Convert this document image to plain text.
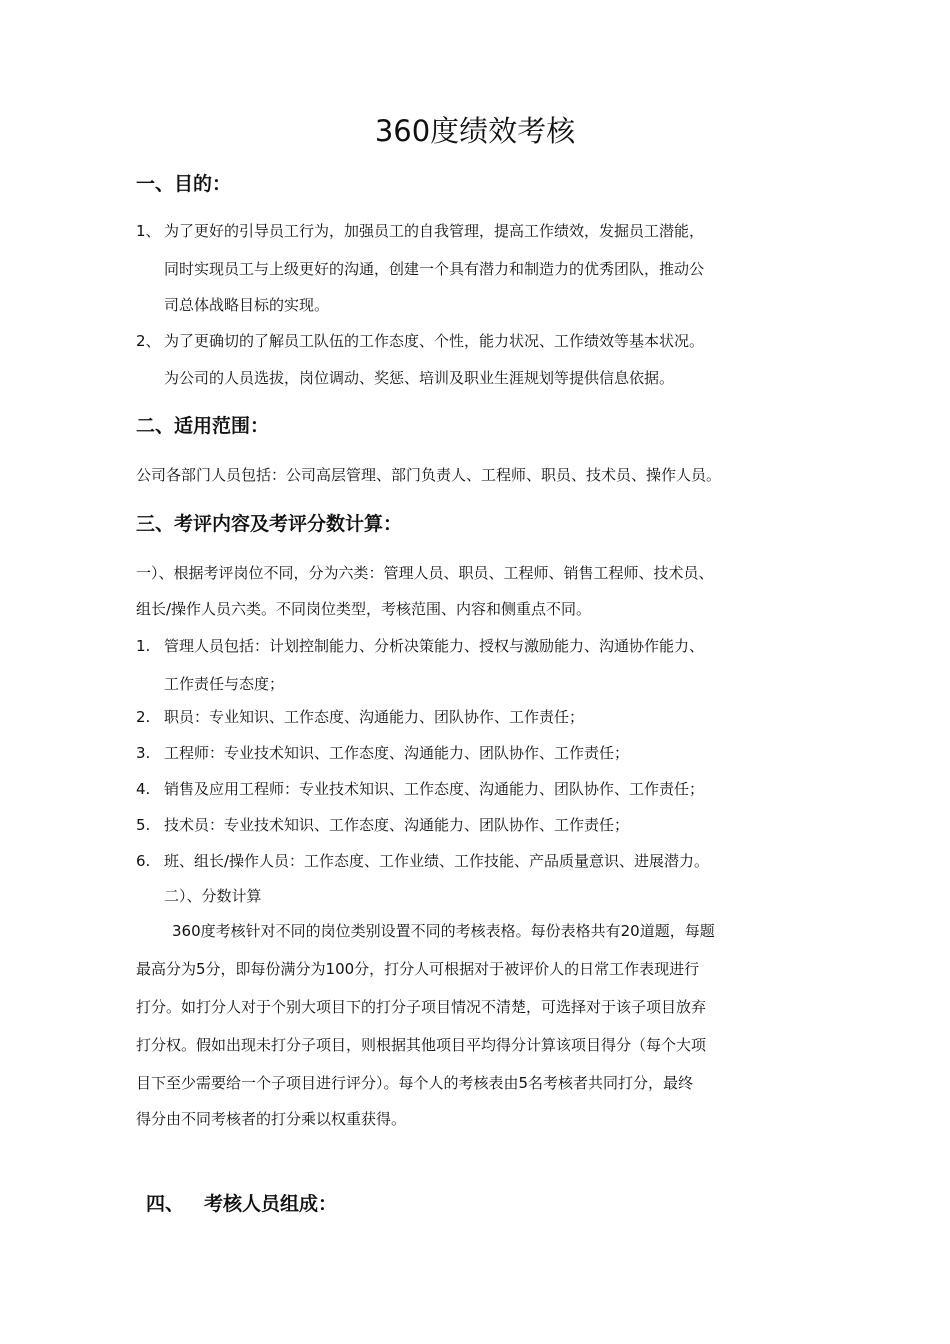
360度绩效考核
一、目的：
1、 为了更好的引导员工行为，加强员工的自我管理，提高工作绩效，发掘员工潜能，
同时实现员工与上级更好的沟通，创建一个具有潜力和制造力的优秀团队，推动公
司总体战略目标的实现。
2、 为了更确切的了解员工队伍的工作态度、个性，能力状况、工作绩效等基本状况。
为公司的人员选拔，岗位调动、奖惩、培训及职业生涯规划等提供信息依据。
二、适用范围：
公司各部门人员包括：公司高层管理、部门负责人、工程师、职员、技术员、操作人员。
三、考评内容及考评分数计算：
一）、根据考评岗位不同，分为六类：管理人员、职员、工程师、销售工程师、技术员、
组长/操作人员六类。不同岗位类型，考核范围、内容和侧重点不同。
1. 管理人员包括：计划控制能力、分析决策能力、授权与激励能力、沟通协作能力、
工作责任与态度；
2. 职员：专业知识、工作态度、沟通能力、团队协作、工作责任；
3. 工程师：专业技术知识、工作态度、沟通能力、团队协作、工作责任；
4. 销售及应用工程师：专业技术知识、工作态度、沟通能力、团队协作、工作责任；
5. 技术员：专业技术知识、工作态度、沟通能力、团队协作、工作责任；
6. 班、组长/操作人员：工作态度、工作业绩、工作技能、产品质量意识、进展潜力。
二）、分数计算
360度考核针对不同的岗位类别设置不同的考核表格。每份表格共有20道题，每题
最高分为5分，即每份满分为100分，打分人可根据对于被评价人的日常工作表现进行
打分。如打分人对于个别大项目下的打分子项目情况不清楚，可选择对于该子项目放弃
打分权。假如出现未打分子项目，则根据其他项目平均得分计算该项目得分（每个大项
目下至少需要给一个子项目进行评分）。每个人的考核表由5名考核者共同打分，最终
得分由不同考核者的打分乘以权重获得。
四、 考核人员组成：
